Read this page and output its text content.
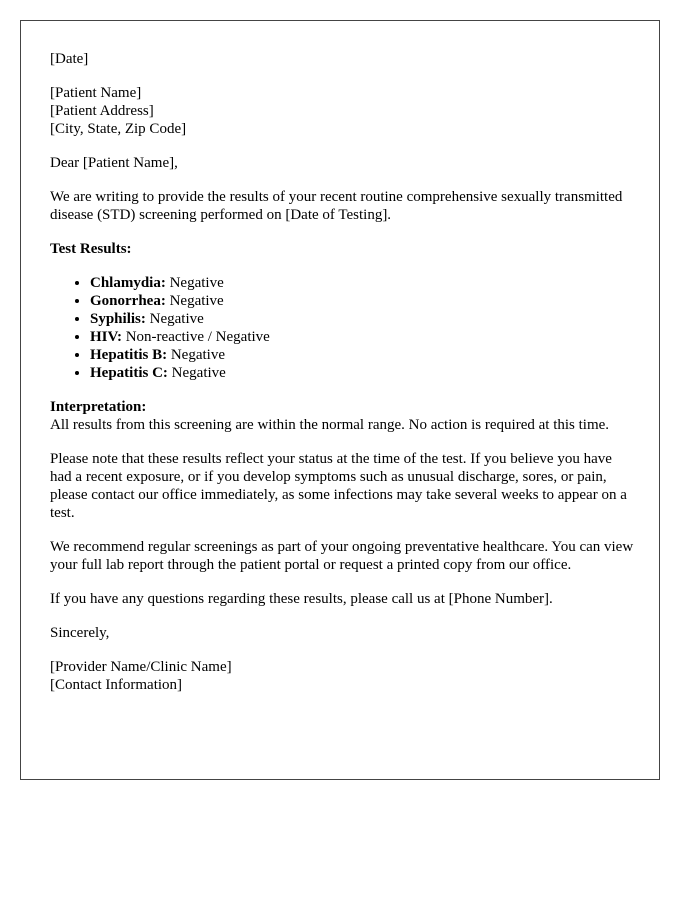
[Date]

[Patient Name]
[Patient Address]
[City, State, Zip Code]

Dear [Patient Name],

We are writing to provide the results of your recent routine comprehensive sexually transmitted disease (STD) screening performed on [Date of Testing].

Test Results:

• Chlamydia: Negative
• Gonorrhea: Negative
• Syphilis: Negative
• HIV: Non-reactive / Negative
• Hepatitis B: Negative
• Hepatitis C: Negative
Interpretation:
All results from this screening are within the normal range. No action is required at this time.

Please note that these results reflect your status at the time of the test. If you believe you have had a recent exposure, or if you develop symptoms such as unusual discharge, sores, or pain, please contact our office immediately, as some infections may take several weeks to appear on a test.

We recommend regular screenings as part of your ongoing preventative healthcare. You can view your full lab report through the patient portal or request a printed copy from our office.

If you have any questions regarding these results, please call us at [Phone Number].

Sincerely,

[Provider Name/Clinic Name]
[Contact Information]
